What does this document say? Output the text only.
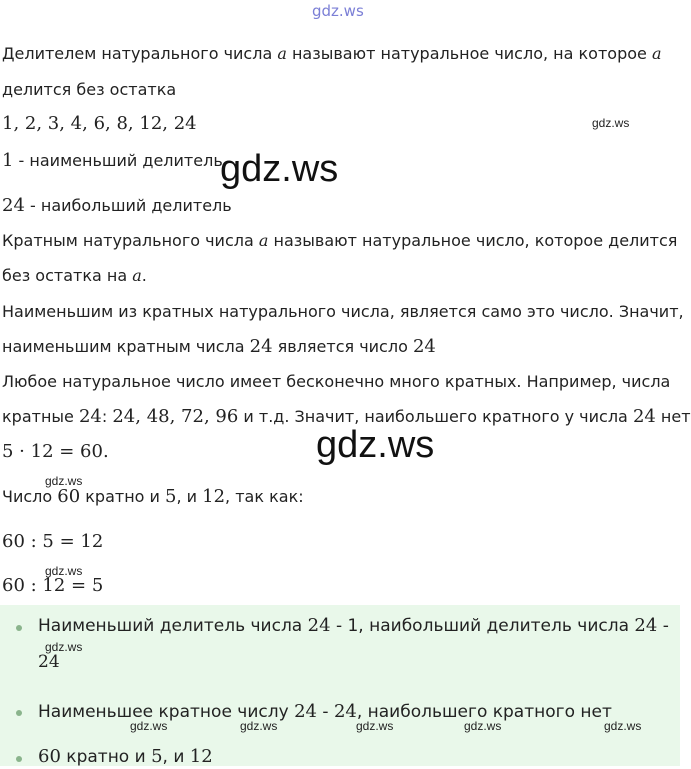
gdz.ws
Делителем натурального числа a называют натуральное число, на которое a
делится без остатка
1, 2, 3, 4, 6, 8, 12, 24
1 - наименьший делитель
24 - наибольший делитель
Кратным натурального числа a называют натуральное число, которое делится
без остатка на a.
Наименьшим из кратных натурального числа, является само это число. Значит,
наименьшим кратным числа 24 является число 24
Любое натуральное число имеет бесконечно много кратных. Например, числа
кратные 24: 24, 48, 72, 96 и т.д. Значит, наибольшего кратного у числа 24 нет
5 · 12 = 60.
Число 60 кратно и 5, и 12, так как:
60 : 5 = 12
60 : 12 = 5
Наименьший делитель числа 24 - 1, наибольший делитель числа 24 -
24
Наименьшее кратное числу 24 - 24, наибольшего кратного нет
60 кратно и 5, и 12
gdz.ws
gdz.ws
gdz.ws
gdz.ws
gdz.ws
gdz.ws
gdz.ws	gdz.ws	gdz.ws	gdz.ws	gdz.ws
